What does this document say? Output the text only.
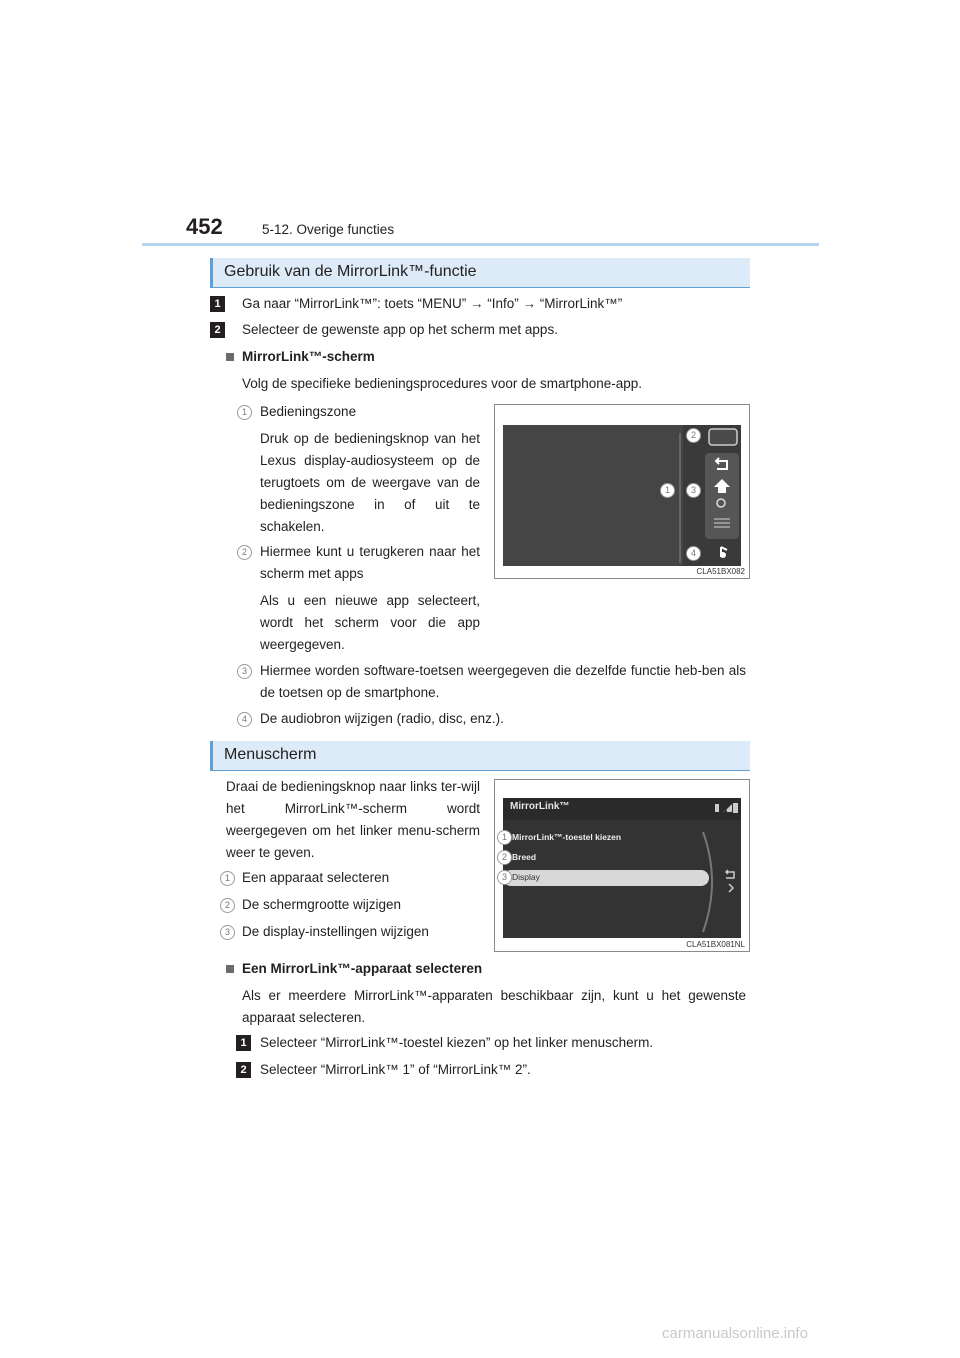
452	5-12. Overige functies
Gebruik van de MirrorLink™-functie
1	Ga naar “MirrorLink™”: toets “MENU” → “Info” → “MirrorLink™”
2	Selecteer de gewenste app op het scherm met apps.
MirrorLink™-scherm
Volg de specifieke bedieningsprocedures voor de smartphone-app.
1 Bedieningszone
Druk op de bedieningsknop van het Lexus display-audiosysteem op de terugtoets om de weergave van de bedieningszone in of uit te schakelen.
2 Hiermee kunt u terugkeren naar het scherm met apps
Als u een nieuwe app selecteert, wordt het scherm voor die app weergegeven.
3 Hiermee worden software-toetsen weergegeven die dezelfde functie heb-ben als de toetsen op de smartphone.
4 De audiobron wijzigen (radio, disc, enz.).
2
1	3
4
CLA51BX082
Menuscherm
Draai de bedieningsknop naar links ter-wijl het MirrorLink™-scherm wordt weergegeven om het linker menu-scherm weer te geven.
1 Een apparaat selecteren
2 De schermgrootte wijzigen
3 De display-instellingen wijzigen
MirrorLink™
MirrorLink™-toestel kiezen
Breed
Display
1
2
3
CLA51BX081NL
Een MirrorLink™-apparaat selecteren
Als er meerdere MirrorLink™-apparaten beschikbaar zijn, kunt u het gewenste apparaat selecteren.
1 Selecteer “MirrorLink™-toestel kiezen” op het linker menuscherm.
2 Selecteer “MirrorLink™ 1” of “MirrorLink™ 2”.
carmanualsonline.info
